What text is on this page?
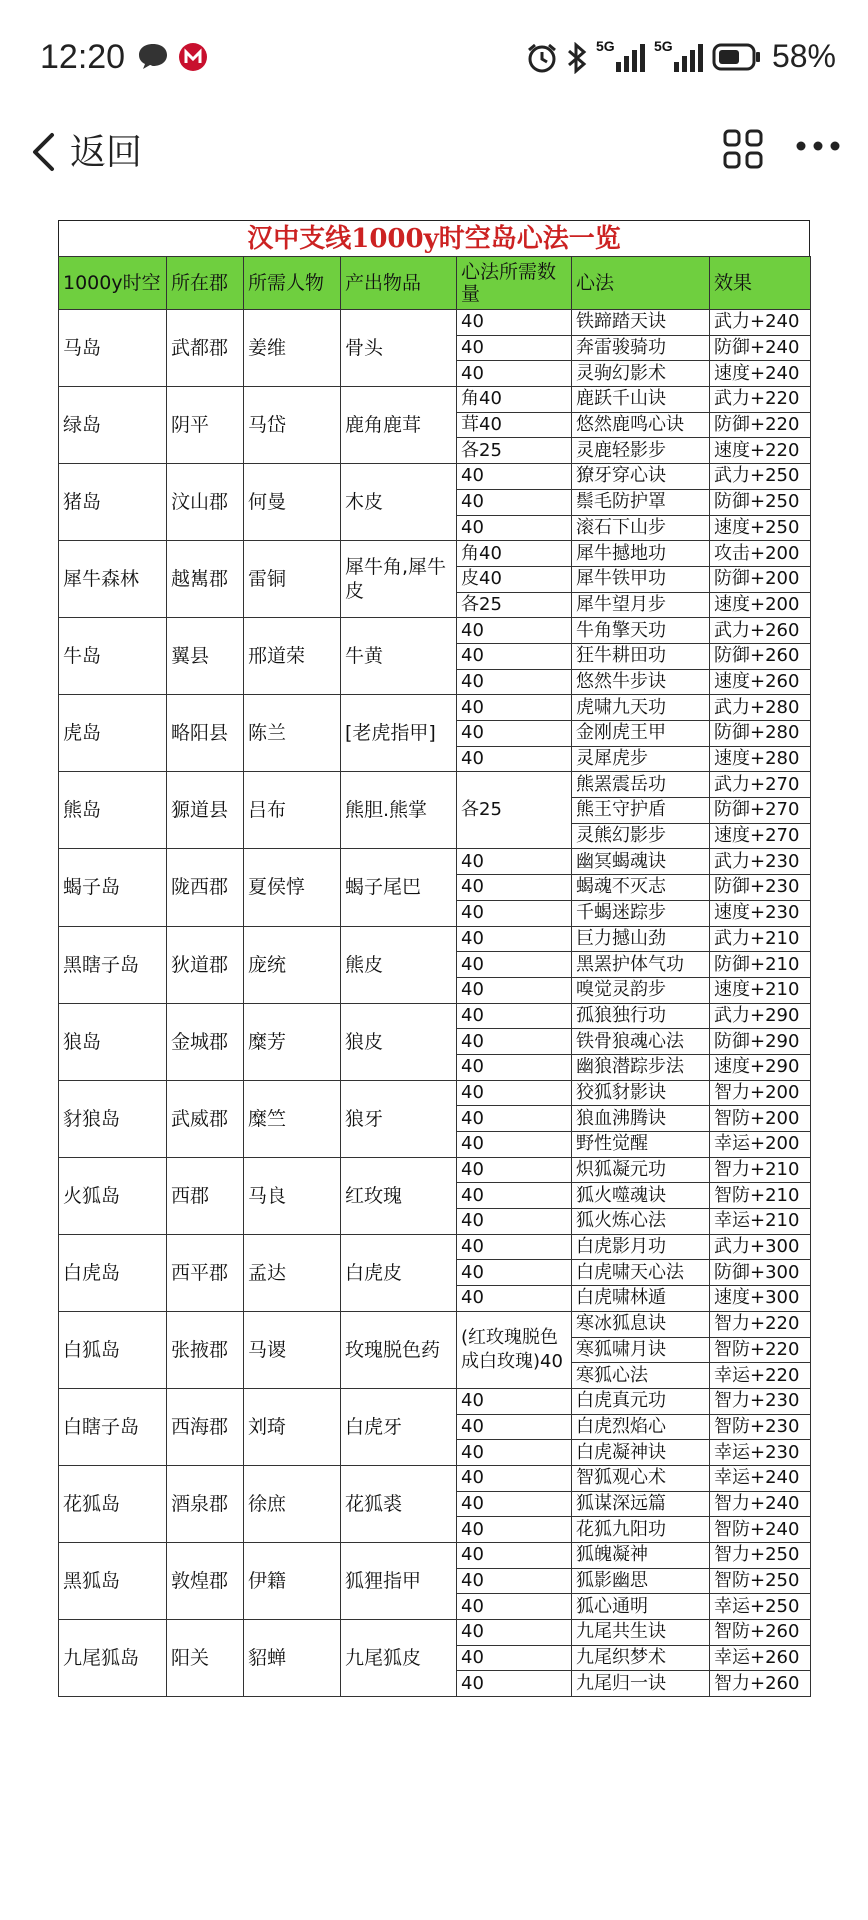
12:20	5G	5G	58%
返回
汉中支线1000y时空岛心法一览
1000y时空	所在郡	所需人物	产出物品	心法所需数量	心法	效果
马岛	武都郡	姜维	骨头	40	铁蹄踏天诀	武力+240
				40	奔雷骏骑功	防御+240
				40	灵驹幻影术	速度+240
绿岛	阴平	马岱	鹿角鹿茸	角40	鹿跃千山诀	武力+220
				茸40	悠然鹿鸣心诀	防御+220
				各25	灵鹿轻影步	速度+220
猪岛	汶山郡	何曼	木皮	40	獠牙穿心诀	武力+250
				40	鬃毛防护罩	防御+250
				40	滚石下山步	速度+250
犀牛森林	越嶲郡	雷铜	犀牛角,犀牛皮	角40	犀牛撼地功	攻击+200
				皮40	犀牛铁甲功	防御+200
				各25	犀牛望月步	速度+200
牛岛	翼县	邢道荣	牛黄	40	牛角擎天功	武力+260
				40	狂牛耕田功	防御+260
				40	悠然牛步诀	速度+260
虎岛	略阳县	陈兰	[老虎指甲]	40	虎啸九天功	武力+280
				40	金刚虎王甲	防御+280
				40	灵犀虎步	速度+280
熊岛	獂道县	吕布	熊胆.熊掌	各25	熊罴震岳功	武力+270
					熊王守护盾	防御+270
					灵熊幻影步	速度+270
蝎子岛	陇西郡	夏侯惇	蝎子尾巴	40	幽冥蝎魂诀	武力+230
				40	蝎魂不灭志	防御+230
				40	千蝎迷踪步	速度+230
黑瞎子岛	狄道郡	庞统	熊皮	40	巨力撼山劲	武力+210
				40	黑罴护体气功	防御+210
				40	嗅觉灵韵步	速度+210
狼岛	金城郡	糜芳	狼皮	40	孤狼独行功	武力+290
				40	铁骨狼魂心法	防御+290
				40	幽狼潜踪步法	速度+290
豺狼岛	武威郡	糜竺	狼牙	40	狡狐豺影诀	智力+200
				40	狼血沸腾诀	智防+200
				40	野性觉醒	幸运+200
火狐岛	西郡	马良	红玫瑰	40	炽狐凝元功	智力+210
				40	狐火噬魂诀	智防+210
				40	狐火炼心法	幸运+210
白虎岛	西平郡	孟达	白虎皮	40	白虎影月功	武力+300
				40	白虎啸天心法	防御+300
				40	白虎啸林遁	速度+300
白狐岛	张掖郡	马谡	玫瑰脱色药	(红玫瑰脱色成白玫瑰)40	寒冰狐息诀	智力+220
					寒狐啸月诀	智防+220
					寒狐心法	幸运+220
白瞎子岛	西海郡	刘琦	白虎牙	40	白虎真元功	智力+230
				40	白虎烈焰心	智防+230
				40	白虎凝神诀	幸运+230
花狐岛	酒泉郡	徐庶	花狐裘	40	智狐观心术	幸运+240
				40	狐谋深远篇	智力+240
				40	花狐九阳功	智防+240
黑狐岛	敦煌郡	伊籍	狐狸指甲	40	狐魄凝神	智力+250
				40	狐影幽思	智防+250
				40	狐心通明	幸运+250
九尾狐岛	阳关	貂蝉	九尾狐皮	40	九尾共生诀	智防+260
				40	九尾织梦术	幸运+260
				40	九尾归一诀	智力+260
